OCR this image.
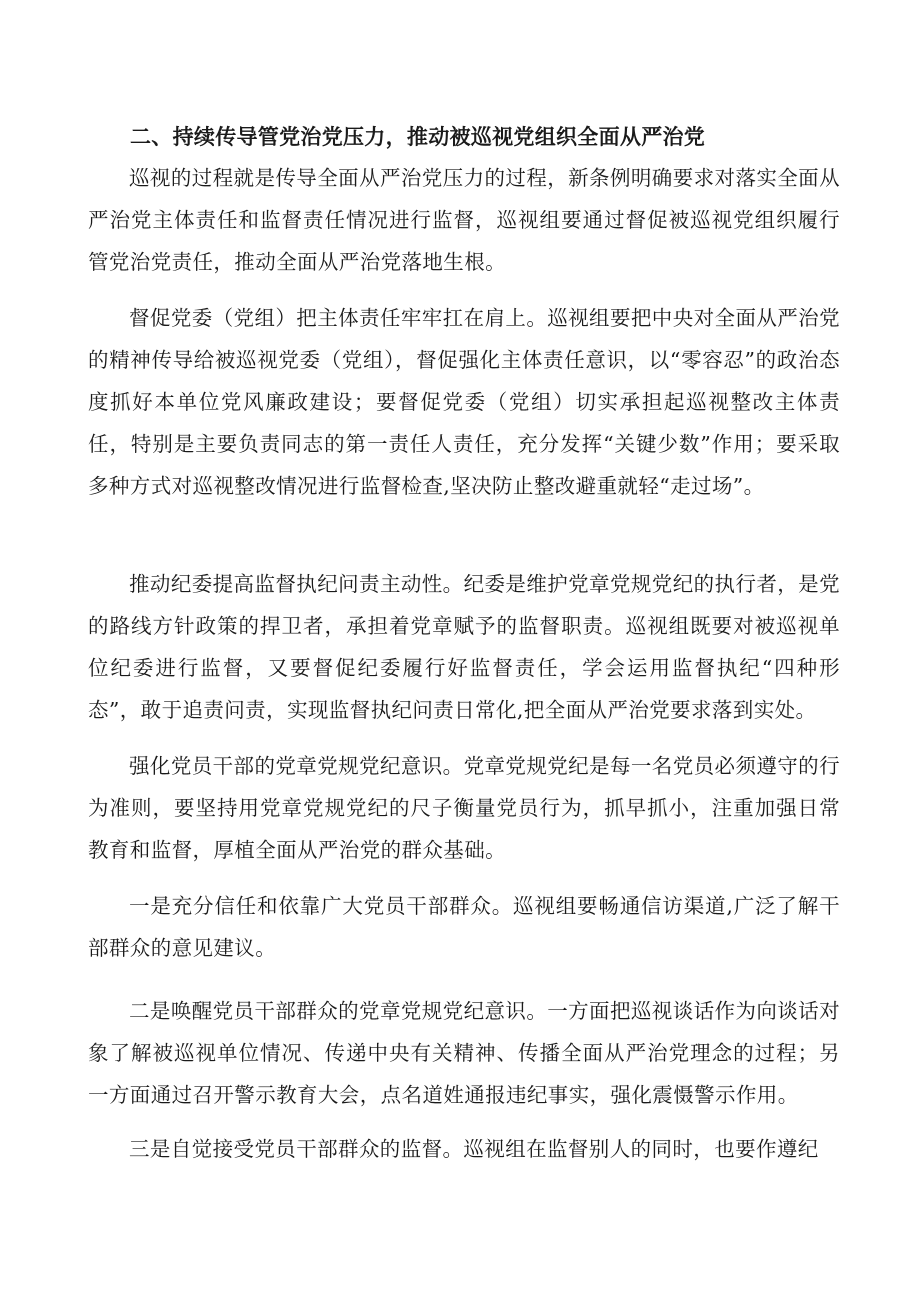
二、持续传导管党治党压力，推动被巡视党组织全面从严治党

巡视的过程就是传导全面从严治党压力的过程，新条例明确要求对落实全面从严治党主体责任和监督责任情况进行监督，巡视组要通过督促被巡视党组织履行管党治党责任，推动全面从严治党落地生根。

督促党委（党组）把主体责任牢牢扛在肩上。巡视组要把中央对全面从严治党的精神传导给被巡视党委（党组），督促强化主体责任意识，以“零容忍”的政治态度抓好本单位党风廉政建设；要督促党委（党组）切实承担起巡视整改主体责任，特别是主要负责同志的第一责任人责任，充分发挥“关键少数”作用；要采取多种方式对巡视整改情况进行监督检查,坚决防止整改避重就轻“走过场”。

推动纪委提高监督执纪问责主动性。纪委是维护党章党规党纪的执行者，是党的路线方针政策的捍卫者，承担着党章赋予的监督职责。巡视组既要对被巡视单位纪委进行监督，又要督促纪委履行好监督责任，学会运用监督执纪“四种形态”，敢于追责问责，实现监督执纪问责日常化,把全面从严治党要求落到实处。

强化党员干部的党章党规党纪意识。党章党规党纪是每一名党员必须遵守的行为准则，要坚持用党章党规党纪的尺子衡量党员行为，抓早抓小，注重加强日常教育和监督，厚植全面从严治党的群众基础。

一是充分信任和依靠广大党员干部群众。巡视组要畅通信访渠道,广泛了解干部群众的意见建议。

二是唤醒党员干部群众的党章党规党纪意识。一方面把巡视谈话作为向谈话对象了解被巡视单位情况、传递中央有关精神、传播全面从严治党理念的过程；另一方面通过召开警示教育大会，点名道姓通报违纪事实，强化震慑警示作用。

三是自觉接受党员干部群众的监督。巡视组在监督别人的同时，也要作遵纪
